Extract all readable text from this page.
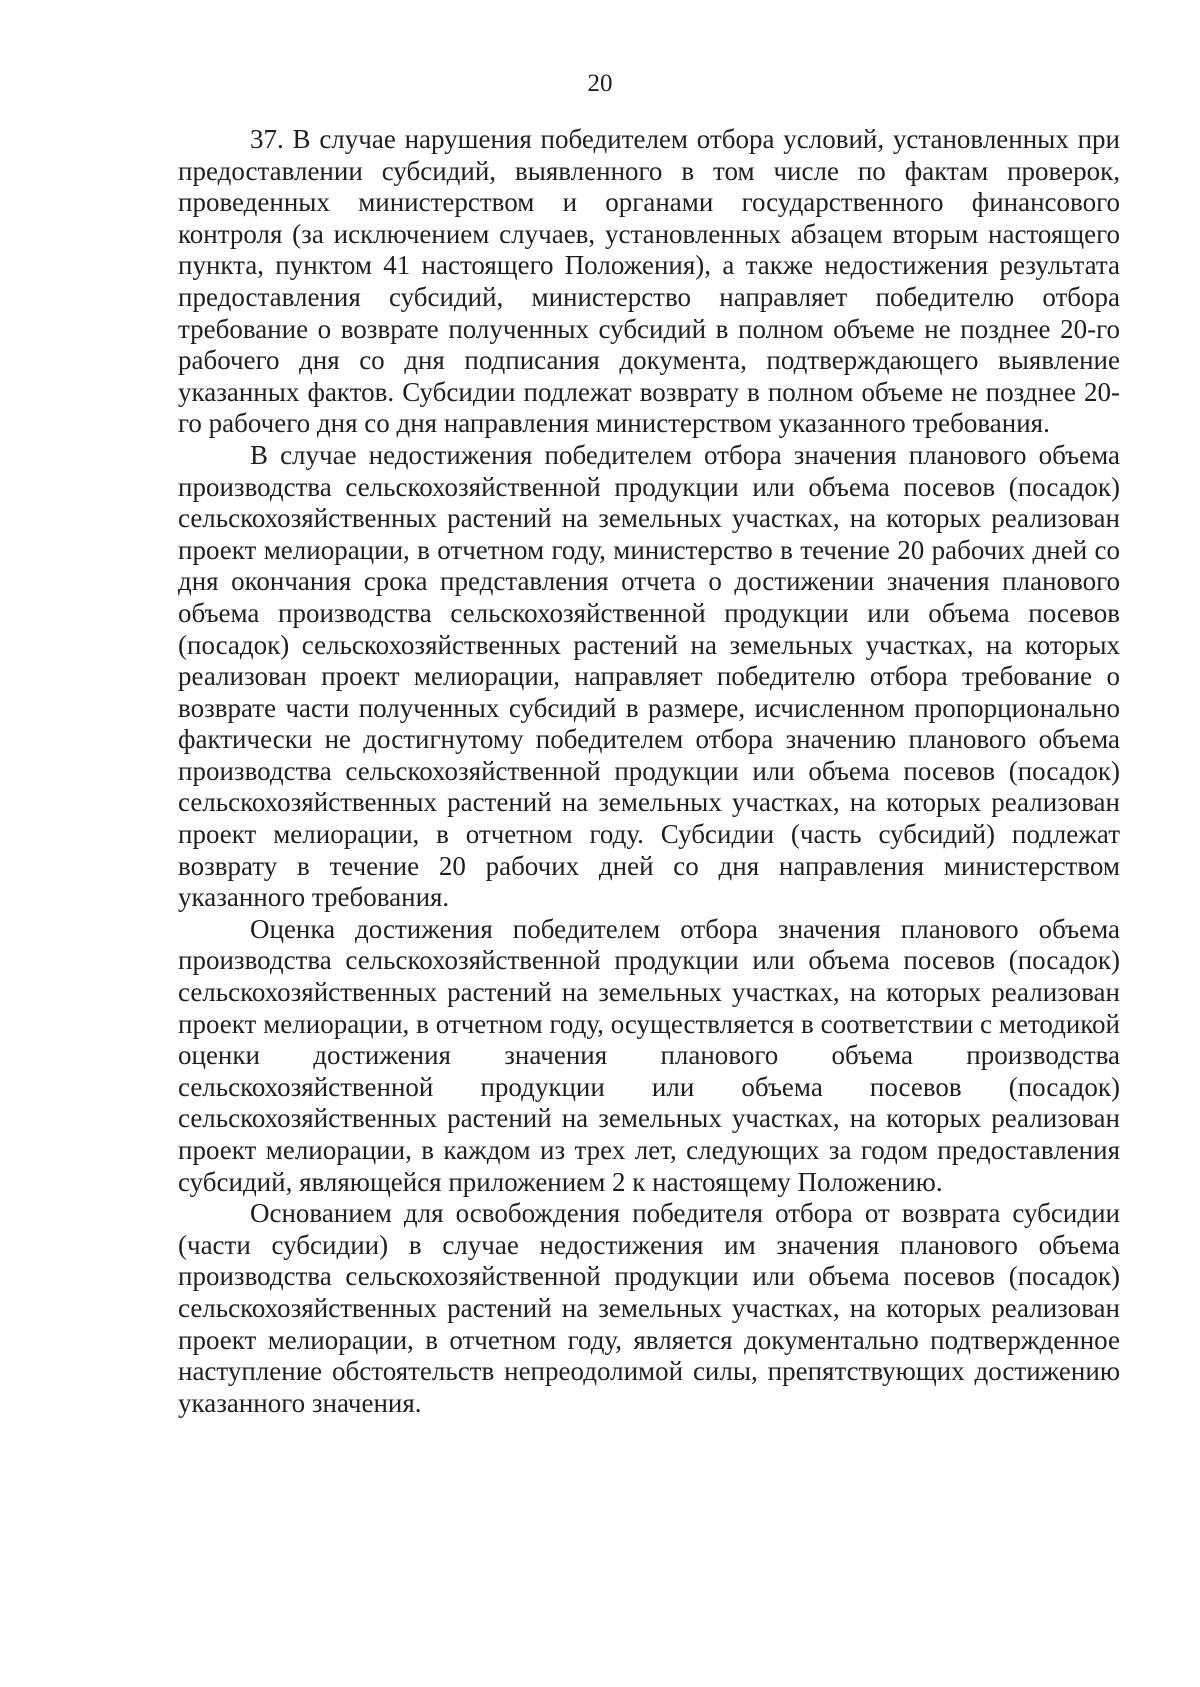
20

37. В случае нарушения победителем отбора условий, установленных при предоставлении субсидий, выявленного в том числе по фактам проверок, проведенных министерством и органами государственного финансового контроля (за исключением случаев, установленных абзацем вторым настоящего пункта, пунктом 41 настоящего Положения), а также недостижения результата предоставления субсидий, министерство направляет победителю отбора требование о возврате полученных субсидий в полном объеме не позднее 20-го рабочего дня со дня подписания документа, подтверждающего выявление указанных фактов. Субсидии подлежат возврату в полном объеме не позднее 20-го рабочего дня со дня направления министерством указанного требования.

В случае недостижения победителем отбора значения планового объема производства сельскохозяйственной продукции или объема посевов (посадок) сельскохозяйственных растений на земельных участках, на которых реализован проект мелиорации, в отчетном году, министерство в течение 20 рабочих дней со дня окончания срока представления отчета о достижении значения планового объема производства сельскохозяйственной продукции или объема посевов (посадок) сельскохозяйственных растений на земельных участках, на которых реализован проект мелиорации, направляет победителю отбора требование о возврате части полученных субсидий в размере, исчисленном пропорционально фактически не достигнутому победителем отбора значению планового объема производства сельскохозяйственной продукции или объема посевов (посадок) сельскохозяйственных растений на земельных участках, на которых реализован проект мелиорации, в отчетном году. Субсидии (часть субсидий) подлежат возврату в течение 20 рабочих дней со дня направления министерством указанного требования.

Оценка достижения победителем отбора значения планового объема производства сельскохозяйственной продукции или объема посевов (посадок) сельскохозяйственных растений на земельных участках, на которых реализован проект мелиорации, в отчетном году, осуществляется в соответствии с методикой оценки достижения значения планового объема производства сельскохозяйственной продукции или объема посевов (посадок) сельскохозяйственных растений на земельных участках, на которых реализован проект мелиорации, в каждом из трех лет, следующих за годом предоставления субсидий, являющейся приложением 2 к настоящему Положению.

Основанием для освобождения победителя отбора от возврата субсидии (части субсидии) в случае недостижения им значения планового объема производства сельскохозяйственной продукции или объема посевов (посадок) сельскохозяйственных растений на земельных участках, на которых реализован проект мелиорации, в отчетном году, является документально подтвержденное наступление обстоятельств непреодолимой силы, препятствующих достижению указанного значения.
